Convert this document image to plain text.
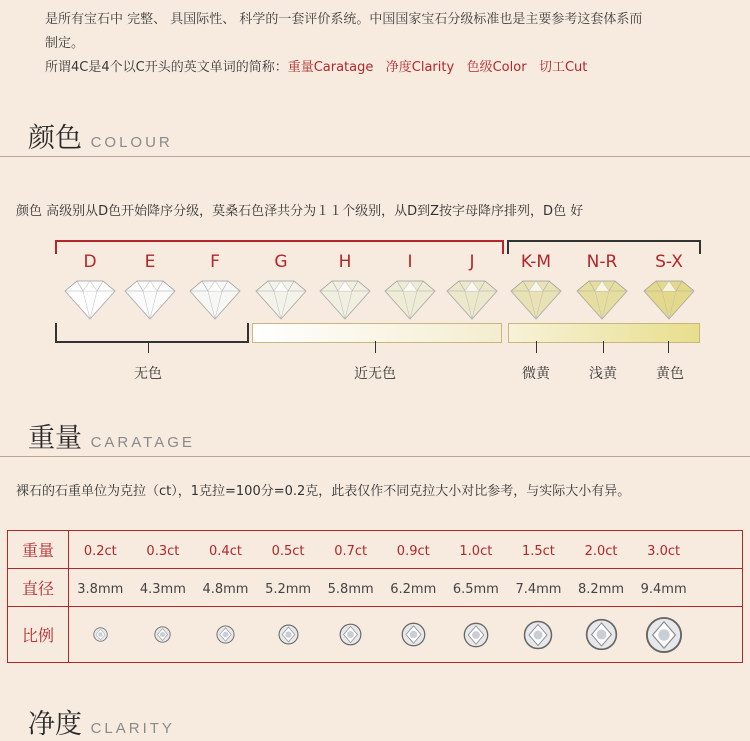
是所有宝石中 完整、 具国际性、 科学的一套评价系统。中国国家宝石分级标准也是主要参考这套体系而
制定。
所谓4C是4个以C开头的英文单词的简称：重量Caratage 净度Clarity 色级Color 切工Cut
颜色 COLOUR
颜色 高级别从D色开始降序分级，莫桑石色泽共分为１１个级别，从D到Z按字母降序排列，D色 好
D	E	F	G	H	I	J	K-M	N-R	S-X
无色	近无色	微黄	浅黄	黄色
重量 CARATAGE
裸石的石重单位为克拉（ct），1克拉=100分=0.2克，此表仅作不同克拉大小对比参考，与实际大小有异。
重量	0.2ct 0.3ct 0.4ct 0.5ct 0.7ct 0.9ct 1.0ct 1.5ct 2.0ct 3.0ct
直径	3.8mm 4.3mm 4.8mm 5.2mm 5.8mm 6.2mm 6.5mm 7.4mm 8.2mm 9.4mm
比例	
净度 CLARITY
